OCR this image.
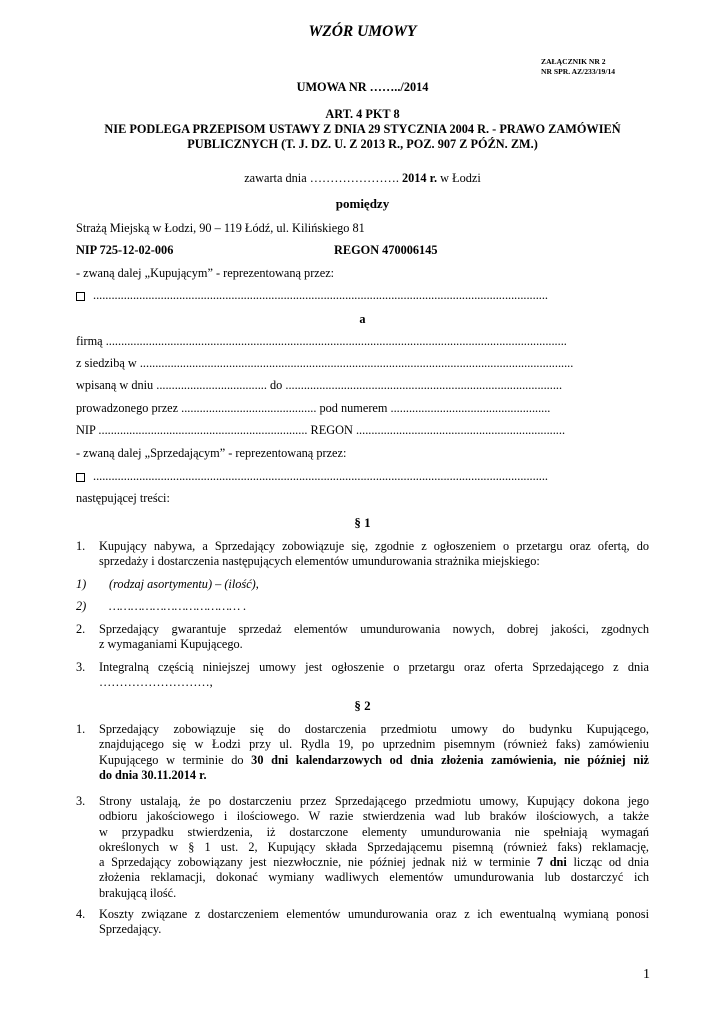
WZÓR UMOWY
ZAŁĄCZNIK NR 2
NR SPR. AZ/233/19/14
UMOWA NR ……../2014
ART. 4 PKT 8
NIE PODLEGA PRZEPISOM USTAWY Z DNIA 29 STYCZNIA 2004 R. - PRAWO ZAMÓWIEŃ
PUBLICZNYCH (T. J. DZ. U. Z 2013 R., POZ. 907 Z PÓŹN. ZM.)
zawarta dnia …………………. 2014 r. w Łodzi
pomiędzy
Strażą Miejską w Łodzi, 90 – 119 Łódź, ul. Kilińskiego 81
NIP 725-12-02-006	REGON 470006145
- zwaną dalej „Kupującym” - reprezentowaną przez:
....................................................................................................................................................
a
firmą ......................................................................................................................................................
z siedzibą w .............................................................................................................................................
wpisaną w dniu .................................... do ..........................................................................................
prowadzonego przez ............................................ pod numerem ....................................................
NIP .................................................................... REGON ....................................................................
- zwaną dalej „Sprzedającym” - reprezentowaną przez:
....................................................................................................................................................
następującej treści:
§ 1
1. Kupujący nabywa, a Sprzedający zobowiązuje się, zgodnie z ogłoszeniem o przetargu oraz ofertą, do
sprzedaży i dostarczenia następujących elementów umundurowania strażnika miejskiego:
1) (rodzaj asortymentu) – (ilość),
2) ……………………………… .
2. Sprzedający gwarantuje sprzedaż elementów umundurowania nowych, dobrej jakości, zgodnych
z wymaganiami Kupującego.
3. Integralną częścią niniejszej umowy jest ogłoszenie o przetargu oraz oferta Sprzedającego z dnia
………………………,
§ 2
1. Sprzedający zobowiązuje się do dostarczenia przedmiotu umowy do budynku Kupującego,
znajdującego się w Łodzi przy ul. Rydla 19, po uprzednim pisemnym (również faks) zamówieniu
Kupującego w terminie do 30 dni kalendarzowych od dnia złożenia zamówienia, nie później niż
do dnia 30.11.2014 r.
3. Strony ustalają, że po dostarczeniu przez Sprzedającego przedmiotu umowy, Kupujący dokona jego
odbioru jakościowego i ilościowego. W razie stwierdzenia wad lub braków ilościowych, a także
w przypadku stwierdzenia, iż dostarczone elementy umundurowania nie spełniają wymagań
określonych w § 1 ust. 2, Kupujący składa Sprzedającemu pisemną (również faks) reklamację,
a Sprzedający zobowiązany jest niezwłocznie, nie później jednak niż w terminie 7 dni licząc od dnia
złożenia reklamacji, dokonać wymiany wadliwych elementów umundurowania lub dostarczyć ich
brakującą ilość.
4. Koszty związane z dostarczeniem elementów umundurowania oraz z ich ewentualną wymianą ponosi
Sprzedający.
1
